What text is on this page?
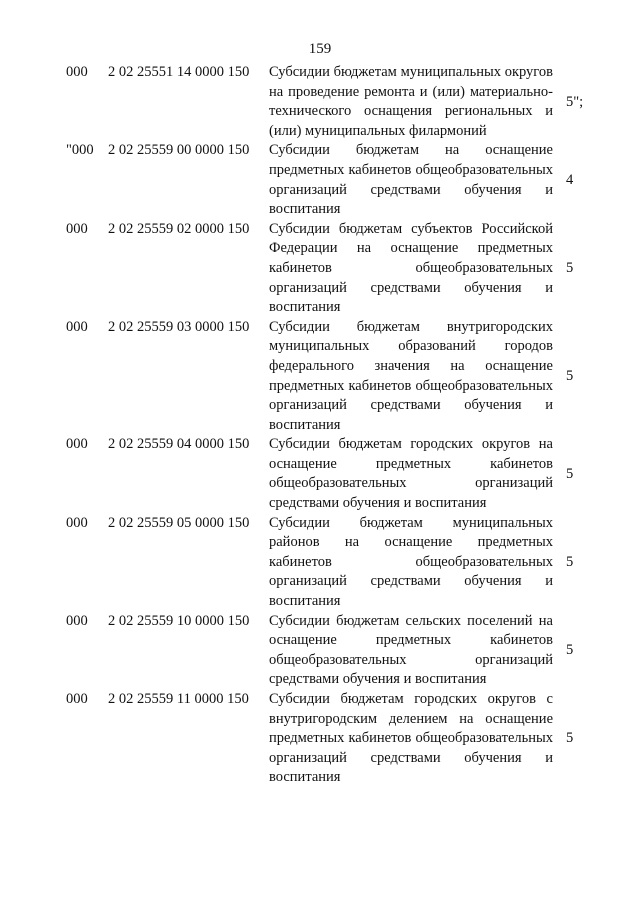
159
000 2 02 25551 14 0000 150 Субсидии бюджетам муниципальных округов на проведение ремонта и (или) материально-технического оснащения региональных и (или) муниципальных филармоний
5";
"000 2 02 25559 00 0000 150 Субсидии бюджетам на оснащение предметных кабинетов общеобразовательных организаций средствами обучения и воспитания
4
000 2 02 25559 02 0000 150 Субсидии бюджетам субъектов Российской Федерации на оснащение предметных кабинетов общеобразовательных организаций средствами обучения и воспитания
5
000 2 02 25559 03 0000 150 Субсидии бюджетам внутригородских муниципальных образований городов федерального значения на оснащение предметных кабинетов общеобразовательных организаций средствами обучения и воспитания
5
000 2 02 25559 04 0000 150 Субсидии бюджетам городских округов на оснащение предметных кабинетов общеобразовательных организаций средствами обучения и воспитания
5
000 2 02 25559 05 0000 150 Субсидии бюджетам муниципальных районов на оснащение предметных кабинетов общеобразовательных организаций средствами обучения и воспитания
5
000 2 02 25559 10 0000 150 Субсидии бюджетам сельских поселений на оснащение предметных кабинетов общеобразовательных организаций средствами обучения и воспитания
5
000 2 02 25559 11 0000 150 Субсидии бюджетам городских округов с внутригородским делением на оснащение предметных кабинетов общеобразовательных организаций средствами обучения и воспитания
5
